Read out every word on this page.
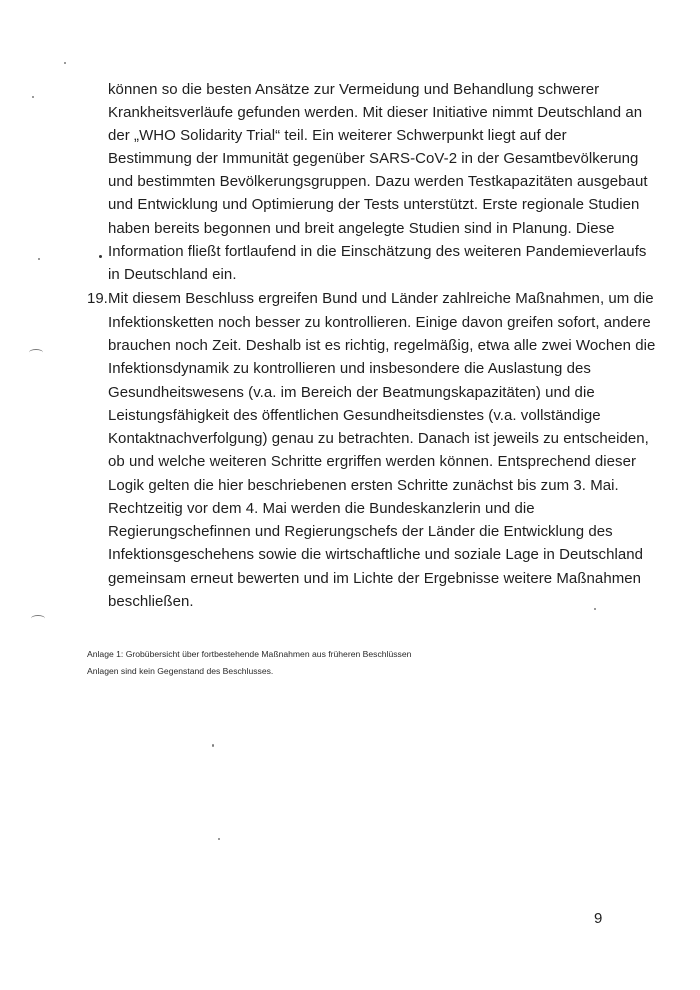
können so die besten Ansätze zur Vermeidung und Behandlung schwerer
Krankheitsverläufe gefunden werden. Mit dieser Initiative nimmt Deutschland an
der „WHO Solidarity Trial“ teil. Ein weiterer Schwerpunkt liegt auf der
Bestimmung der Immunität gegenüber SARS-CoV-2 in der Gesamtbevölkerung
und bestimmten Bevölkerungsgruppen. Dazu werden Testkapazitäten ausgebaut
und Entwicklung und Optimierung der Tests unterstützt. Erste regionale Studien
haben bereits begonnen und breit angelegte Studien sind in Planung. Diese
Information fließt fortlaufend in die Einschätzung des weiteren Pandemieverlaufs
in Deutschland ein.
19. Mit diesem Beschluss ergreifen Bund und Länder zahlreiche Maßnahmen, um die
Infektionsketten noch besser zu kontrollieren. Einige davon greifen sofort, andere
brauchen noch Zeit. Deshalb ist es richtig, regelmäßig, etwa alle zwei Wochen die
Infektionsdynamik zu kontrollieren und insbesondere die Auslastung des
Gesundheitswesens (v.a. im Bereich der Beatmungskapazitäten) und die
Leistungsfähigkeit des öffentlichen Gesundheitsdienstes (v.a. vollständige
Kontaktnachverfolgung) genau zu betrachten. Danach ist jeweils zu entscheiden,
ob und welche weiteren Schritte ergriffen werden können. Entsprechend dieser
Logik gelten die hier beschriebenen ersten Schritte zunächst bis zum 3. Mai.
Rechtzeitig vor dem 4. Mai werden die Bundeskanzlerin und die
Regierungschefinnen und Regierungschefs der Länder die Entwicklung des
Infektionsgeschehens sowie die wirtschaftliche und soziale Lage in Deutschland
gemeinsam erneut bewerten und im Lichte der Ergebnisse weitere Maßnahmen
beschließen.
Anlage 1: Grobübersicht über fortbestehende Maßnahmen aus früheren Beschlüssen
Anlagen sind kein Gegenstand des Beschlusses.
9
